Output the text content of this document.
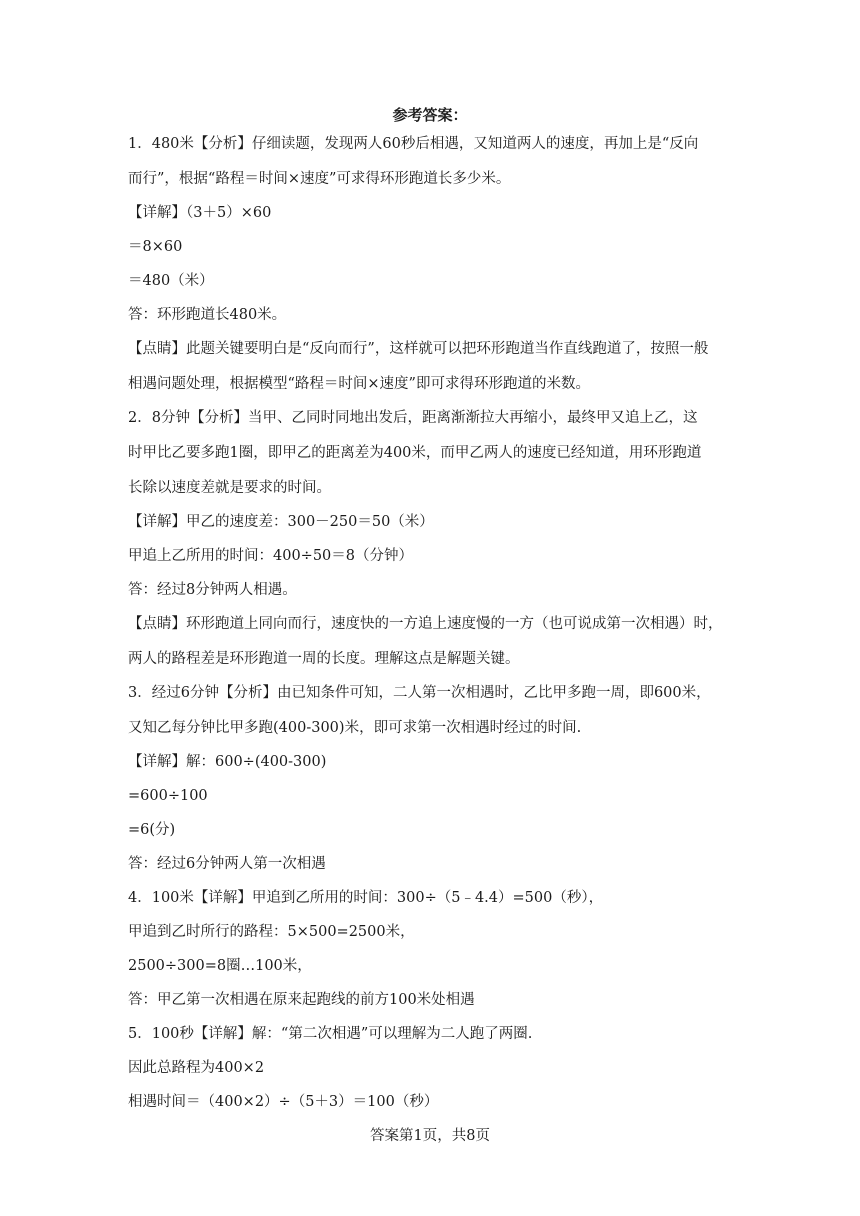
参考答案：
1．480米【分析】仔细读题，发现两人60秒后相遇，又知道两人的速度，再加上是“反向
而行”，根据“路程＝时间×速度”可求得环形跑道长多少米。
【详解】（3＋5）×60
＝8×60
＝480（米）
答：环形跑道长480米。
【点睛】此题关键要明白是“反向而行”，这样就可以把环形跑道当作直线跑道了，按照一般
相遇问题处理，根据模型“路程＝时间×速度”即可求得环形跑道的米数。
2．8分钟【分析】当甲、乙同时同地出发后，距离渐渐拉大再缩小，最终甲又追上乙，这
时甲比乙要多跑1圈，即甲乙的距离差为400米，而甲乙两人的速度已经知道，用环形跑道
长除以速度差就是要求的时间。
【详解】甲乙的速度差：300－250＝50（米）
甲追上乙所用的时间：400÷50＝8（分钟）
答：经过8分钟两人相遇。
【点睛】环形跑道上同向而行，速度快的一方追上速度慢的一方（也可说成第一次相遇）时，
两人的路程差是环形跑道一周的长度。理解这点是解题关键。
3．经过6分钟【分析】由已知条件可知，二人第一次相遇时，乙比甲多跑一周，即600米，
又知乙每分钟比甲多跑(400-300)米，即可求第一次相遇时经过的时间.
【详解】解：600÷(400-300)
=600÷100
=6(分)
答：经过6分钟两人第一次相遇
4．100米【详解】甲追到乙所用的时间：300÷（5﹣4.4）=500（秒），
甲追到乙时所行的路程：5×500=2500米，
2500÷300=8圈…100米，
答：甲乙第一次相遇在原来起跑线的前方100米处相遇
5．100秒【详解】解：“第二次相遇”可以理解为二人跑了两圈.
因此总路程为400×2
相遇时间＝（400×2）÷（5＋3）＝100（秒）
答案第1页，共8页
